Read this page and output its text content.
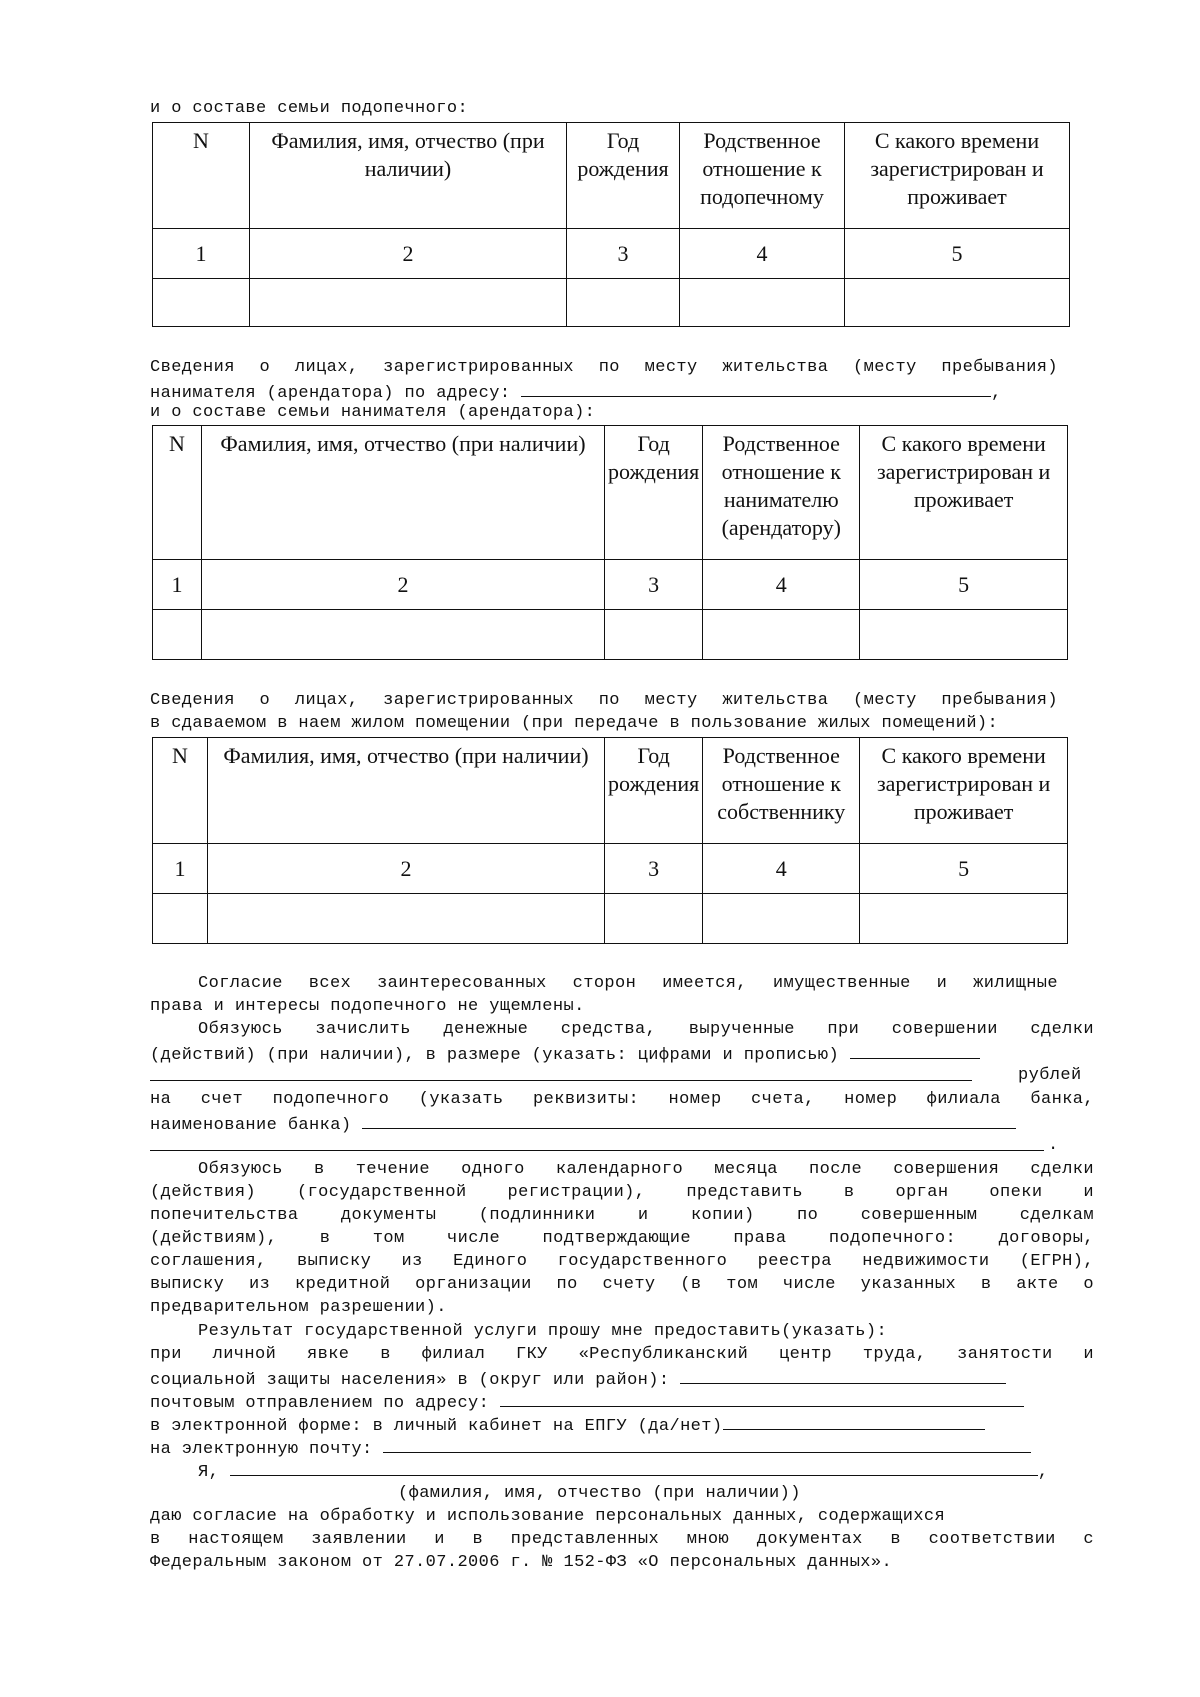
и о составе семьи подопечного:
N	Фамилия, имя, отчество (при наличии)	Год рождения	Родственное отношение к подопечному	С какого времени зарегистрирован и проживает
1	2	3	4	5

Сведения о лицах, зарегистрированных по месту жительства (месту пребывания)
нанимателя (арендатора) по адресу:	,
и о составе семьи нанимателя (арендатора):
N	Фамилия, имя, отчество (при наличии)	Год рождения	Родственное отношение к нанимателю (арендатору)	С какого времени зарегистрирован и проживает
1	2	3	4	5

Сведения о лицах, зарегистрированных по месту жительства (месту пребывания)
в сдаваемом в наем жилом помещении (при передаче в пользование жилых помещений):
N	Фамилия, имя, отчество (при наличии)	Год рождения	Родственное отношение к собственнику	С какого времени зарегистрирован и проживает
1	2	3	4	5

Согласие всех заинтересованных сторон имеется, имущественные и жилищные
права и интересы подопечного не ущемлены.
Обязуюсь зачислить денежные средства, вырученные при совершении сделки
(действий) (при наличии), в размере (указать: цифрами и прописью)
рублей
на счет подопечного (указать реквизиты: номер счета, номер филиала банка,
наименование банка)
.
Обязуюсь в течение одного календарного месяца после совершения сделки
(действия) (государственной регистрации), представить в орган опеки и
попечительства документы (подлинники и копии) по совершенным сделкам
(действиям), в том числе подтверждающие права подопечного: договоры,
соглашения, выписку из Единого государственного реестра недвижимости (ЕГРН),
выписку из кредитной организации по счету (в том числе указанных в акте о
предварительном разрешении).
Результат государственной услуги прошу мне предоставить(указать):
при личной явке в филиал ГКУ «Республиканский центр труда, занятости и
социальной защиты населения» в (округ или район):
почтовым отправлением по адресу:
в электронной форме: в личный кабинет на ЕПГУ (да/нет)
на электронную почту:
Я,	,
(фамилия, имя, отчество (при наличии))
даю согласие на обработку и использование персональных данных, содержащихся
в настоящем заявлении и в представленных мною документах в соответствии с
Федеральным законом от 27.07.2006 г. № 152-ФЗ «О персональных данных».
